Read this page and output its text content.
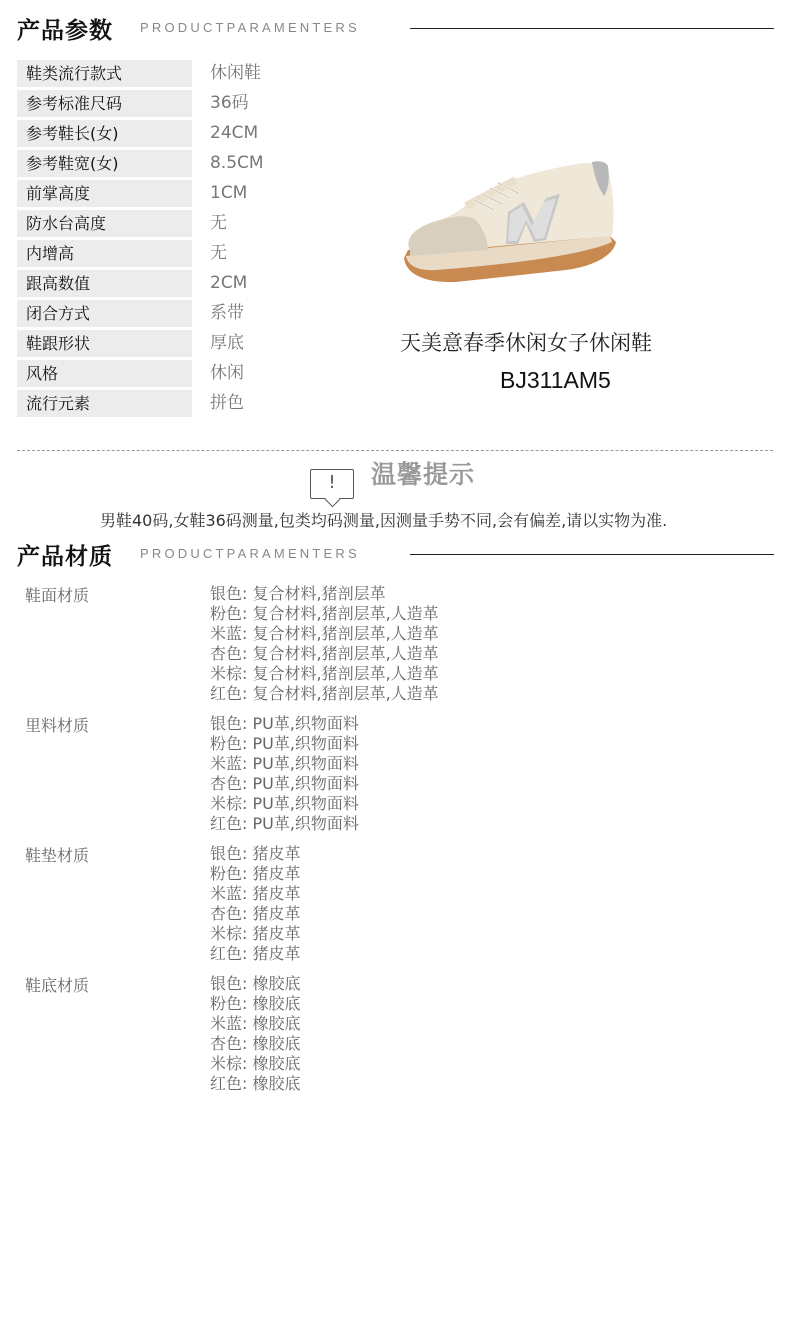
产品参数 PRODUCTPARAMENTERS
鞋类流行款式	休闲鞋
参考标准尺码	36码
参考鞋长(女)	24CM
参考鞋宽(女)	8.5CM
前掌高度	1CM
防水台高度	无
内增高	无
跟高数值	2CM
闭合方式	系带
鞋跟形状	厚底
风格	休闲
流行元素	拼色
天美意春季休闲女子休闲鞋
BJ311AM5
!	温馨提示
男鞋40码,女鞋36码测量,包类均码测量,因测量手势不同,会有偏差,请以实物为准.
产品材质 PRODUCTPARAMENTERS
鞋面材质	银色: 复合材料,猪剖层革
粉色: 复合材料,猪剖层革,人造革
米蓝: 复合材料,猪剖层革,人造革
杏色: 复合材料,猪剖层革,人造革
米棕: 复合材料,猪剖层革,人造革
红色: 复合材料,猪剖层革,人造革
里料材质	银色: PU革,织物面料
粉色: PU革,织物面料
米蓝: PU革,织物面料
杏色: PU革,织物面料
米棕: PU革,织物面料
红色: PU革,织物面料
鞋垫材质	银色: 猪皮革
粉色: 猪皮革
米蓝: 猪皮革
杏色: 猪皮革
米棕: 猪皮革
红色: 猪皮革
鞋底材质	银色: 橡胶底
粉色: 橡胶底
米蓝: 橡胶底
杏色: 橡胶底
米棕: 橡胶底
红色: 橡胶底
